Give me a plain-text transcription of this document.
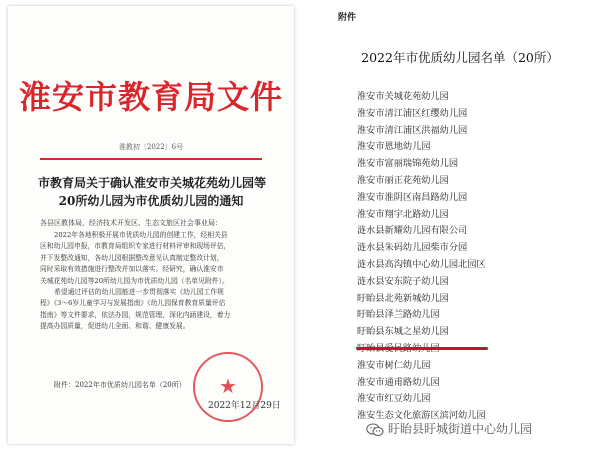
淮安市教育局文件
淮教初〔2022〕6号
市教育局关于确认淮安市关城花苑幼儿园等
20所幼儿园为市优质幼儿园的通知
各县区教体局，经济技术开发区、生态文旅区社会事业局：
2022年各地积极开展市优质幼儿园的创建工作，经相关县
区和幼儿园申报，市教育局组织专家进行材料评审和现场评估，
并下发整改通知，各幼儿园根据整改意见认真制定整改计划，
同时采取有效措施进行整改并加以落实。经研究，确认淮安市
关城花苑幼儿园等20所幼儿园为市优质幼儿园（名单见附件）。
希望通过评估的幼儿园能进一步贯彻落实《幼儿园工作规
程》《3～6岁儿童学习与发展指南》《幼儿园保育教育质量评估
指南》等文件要求，依法办园，规范管理，深化内涵建设，着力
提高办园质量，促进幼儿全面、和谐、健康发展。
附件：2022年市优质幼儿园名单（20所）	★
2022年12月29日
附件
2022年市优质幼儿园名单（20所）
淮安市关城花苑幼儿园
淮安市清江浦区红缨幼儿园
淮安市清江浦区洪福幼儿园
淮安市恩地幼儿园
淮安市富丽瑞锦苑幼儿园
淮安市丽正花苑幼儿园
淮安市淮阴区南昌路幼儿园
淮安市翔宇北路幼儿园
涟水县新耀幼儿园有限公司
涟水县朱码幼儿园柴市分园
涟水县高沟镇中心幼儿园北园区
涟水县安东院子幼儿园
盱眙县北苑新城幼儿园
盱眙县泽兰路幼儿园
盱眙县东城之星幼儿园
淮安市树仁幼儿园
淮安市通甫路幼儿园
淮安市红豆幼儿园
淮安生态文化旅游区滨河幼儿园
盱眙县盱城街道中心幼儿园
